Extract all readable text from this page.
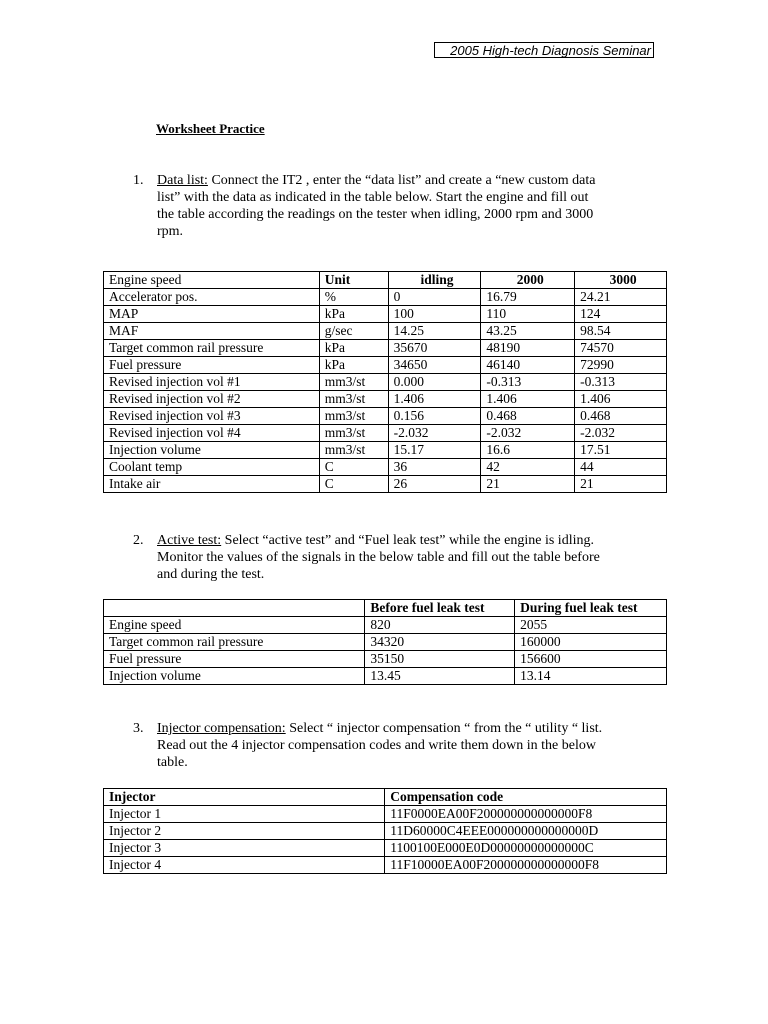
2005 High-tech Diagnosis Seminar
Worksheet Practice
1. Data list: Connect the IT2 , enter the “data list” and create a “new custom data
list” with the data as indicated in the table below. Start the engine and fill out
the table according the readings on the tester when idling, 2000 rpm and 3000
rpm.
Engine speed	Unit	idling	2000	3000
Accelerator pos.	%	0	16.79	24.21
MAP	kPa	100	110	124
MAF	g/sec	14.25	43.25	98.54
Target common rail pressure	kPa	35670	48190	74570
Fuel pressure	kPa	34650	46140	72990
Revised injection vol #1	mm3/st	0.000	-0.313	-0.313
Revised injection vol #2	mm3/st	1.406	1.406	1.406
Revised injection vol #3	mm3/st	0.156	0.468	0.468
Revised injection vol #4	mm3/st	-2.032	-2.032	-2.032
Injection volume	mm3/st	15.17	16.6	17.51
Coolant temp	C	36	42	44
Intake air	C	26	21	21
2. Active test: Select “active test” and “Fuel leak test” while the engine is idling.
Monitor the values of the signals in the below table and fill out the table before
and during the test.
	Before fuel leak test	During fuel leak test
Engine speed	820	2055
Target common rail pressure	34320	160000
Fuel pressure	35150	156600
Injection volume	13.45	13.14
3. Injector compensation: Select “ injector compensation “ from the “ utility “ list.
Read out the 4 injector compensation codes and write them down in the below
table.
Injector	Compensation code
Injector 1	11F0000EA00F200000000000000F8
Injector 2	11D60000C4EEE000000000000000D
Injector 3	1100100E000E0D00000000000000C
Injector 4	11F10000EA00F200000000000000F8
